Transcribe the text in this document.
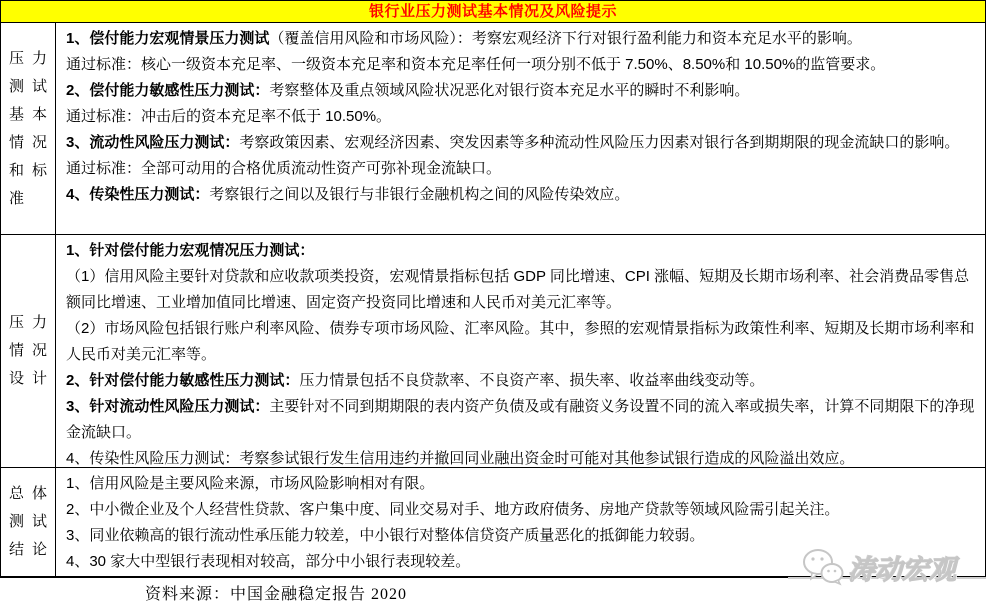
银行业压力测试基本情况及风险提示
压 力
测 试
基 本
情 况
和 标
准

1、偿付能力宏观情景压力测试（覆盖信用风险和市场风险）：考察宏观经济下行对银行盈利能力和资本充足水平的影响。

通过标准：核心一级资本充足率、一级资本充足率和资本充足率任何一项分别不低于 7.50%、8.50%和 10.50%的监管要求。

2、偿付能力敏感性压力测试：考察整体及重点领域风险状况恶化对银行资本充足水平的瞬时不利影响。

通过标准：冲击后的资本充足率不低于 10.50%。

3、流动性风险压力测试：考察政策因素、宏观经济因素、突发因素等多种流动性风险压力因素对银行各到期期限的现金流缺口的影响。

通过标准：全部可动用的合格优质流动性资产可弥补现金流缺口。

4、传染性压力测试：考察银行之间以及银行与非银行金融机构之间的风险传染效应。

压 力
情 况
设 计

1、针对偿付能力宏观情况压力测试：

（1）信用风险主要针对贷款和应收款项类投资，宏观情景指标包括 GDP 同比增速、CPI 涨幅、短期及长期市场利率、社会消费品零售总额同比增速、工业增加值同比增速、固定资产投资同比增速和人民币对美元汇率等。

（2）市场风险包括银行账户利率风险、债券专项市场风险、汇率风险。其中，参照的宏观情景指标为政策性利率、短期及长期市场利率和人民币对美元汇率等。

2、针对偿付能力敏感性压力测试：压力情景包括不良贷款率、不良资产率、损失率、收益率曲线变动等。

3、针对流动性风险压力测试：主要针对不同到期期限的表内资产负债及或有融资义务设置不同的流入率或损失率，计算不同期限下的净现金流缺口。

4、传染性风险压力测试：考察参试银行发生信用违约并撤回同业融出资金时可能对其他参试银行造成的风险溢出效应。

总 体
测 试
结 论

1、信用风险是主要风险来源，市场风险影响相对有限。

2、中小微企业及个人经营性贷款、客户集中度、同业交易对手、地方政府债务、房地产贷款等领域风险需引起关注。

3、同业依赖高的银行流动性承压能力较差，中小银行对整体信贷资产质量恶化的抵御能力较弱。

4、30 家大中型银行表现相对较高，部分中小银行表现较差。

资料来源：中国金融稳定报告 2020
涛动宏观
